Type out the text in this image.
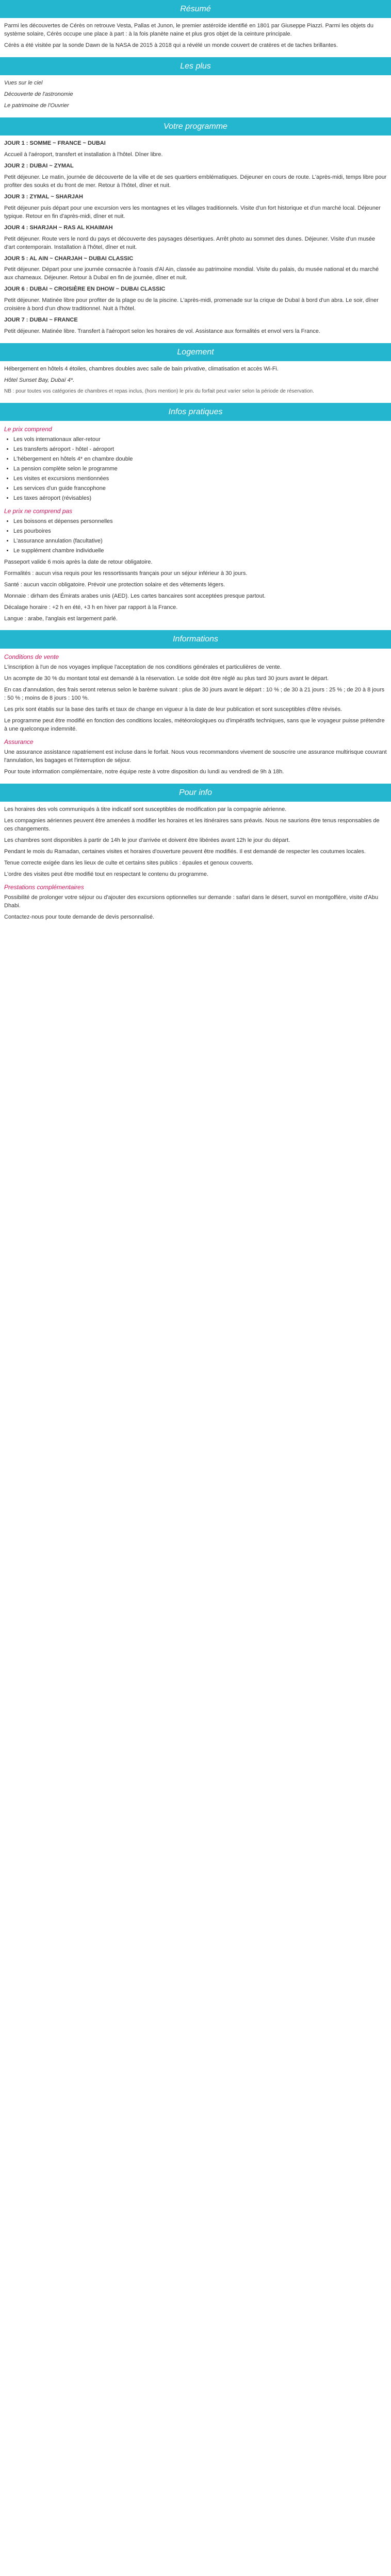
Résumé
Parmi les découvertes de Cérès on retrouve Vesta, Pallas et Junon, le premier astéroïde identifié en 1801 par Giuseppe Piazzi. Parmi les objets du système solaire, Cérès occupe une place à part : à la fois planète naine et plus gros objet de la ceinture principale.
Cérès a été visitée par la sonde Dawn de la NASA de 2015 à 2018 qui a révélé un monde couvert de cratères et de taches brillantes.
Les plus
Vues sur le ciel
Découverte de l'astronomie
Le patrimoine de l'Ouvrier
Votre programme
JOUR 1 : SOMME ~ FRANCE ~ DUBAI
Accueil à l'aéroport, transfert et installation à l'hôtel. Dîner libre.
JOUR 2 : DUBAI ~ ZYMAL
Petit déjeuner. Le matin, journée de découverte de la ville et de ses quartiers emblématiques. Déjeuner en cours de route. L'après-midi, temps libre pour profiter des souks et du front de mer. Retour à l'hôtel, dîner et nuit.
JOUR 3 : ZYMAL ~ SHARJAH
Petit déjeuner puis départ pour une excursion vers les montagnes et les villages traditionnels. Visite d'un fort historique et d'un marché local. Déjeuner typique. Retour en fin d'après-midi, dîner et nuit.
JOUR 4 : SHARJAH ~ RAS AL KHAIMAH
Petit déjeuner. Route vers le nord du pays et découverte des paysages désertiques. Arrêt photo au sommet des dunes. Déjeuner. Visite d'un musée d'art contemporain. Installation à l'hôtel, dîner et nuit.
JOUR 5 : AL AIN ~ CHARJAH ~ DUBAI CLASSIC
Petit déjeuner. Départ pour une journée consacrée à l'oasis d'Al Ain, classée au patrimoine mondial. Visite du palais, du musée national et du marché aux chameaux. Déjeuner. Retour à Dubaï en fin de journée, dîner et nuit.
JOUR 6 : DUBAI ~ CROISIÈRE EN DHOW ~ DUBAI CLASSIC
Petit déjeuner. Matinée libre pour profiter de la plage ou de la piscine. L'après-midi, promenade sur la crique de Dubaï à bord d'un abra. Le soir, dîner croisière à bord d'un dhow traditionnel. Nuit à l'hôtel.
JOUR 7 : DUBAI ~ FRANCE
Petit déjeuner. Matinée libre. Transfert à l'aéroport selon les horaires de vol. Assistance aux formalités et envol vers la France.
Logement
Hébergement en hôtels 4 étoiles, chambres doubles avec salle de bain privative, climatisation et accès Wi-Fi.
Hôtel Sunset Bay, Dubaï 4*.
NB : pour toutes vos catégories de chambres et repas inclus, (hors mention) le prix du forfait peut varier selon la période de réservation.
Infos pratiques
Le prix comprend
• Les vols internationaux aller-retour
• Les transferts aéroport - hôtel - aéroport
• L'hébergement en hôtels 4* en chambre double
• La pension complète selon le programme
• Les visites et excursions mentionnées
• Les services d'un guide francophone
• Les taxes aéroport (révisables)
Le prix ne comprend pas
• Les boissons et dépenses personnelles
• Les pourboires
• L'assurance annulation (facultative)
• Le supplément chambre individuelle
Passeport valide 6 mois après la date de retour obligatoire.
Formalités : aucun visa requis pour les ressortissants français pour un séjour inférieur à 30 jours.
Santé : aucun vaccin obligatoire. Prévoir une protection solaire et des vêtements légers.
Monnaie : dirham des Émirats arabes unis (AED). Les cartes bancaires sont acceptées presque partout.
Décalage horaire : +2 h en été, +3 h en hiver par rapport à la France.
Langue : arabe, l'anglais est largement parlé.
Informations
Conditions de vente
L'inscription à l'un de nos voyages implique l'acceptation de nos conditions générales et particulières de vente.
Un acompte de 30 % du montant total est demandé à la réservation. Le solde doit être réglé au plus tard 30 jours avant le départ.
En cas d'annulation, des frais seront retenus selon le barème suivant : plus de 30 jours avant le départ : 10 % ; de 30 à 21 jours : 25 % ; de 20 à 8 jours : 50 % ; moins de 8 jours : 100 %.
Les prix sont établis sur la base des tarifs et taux de change en vigueur à la date de leur publication et sont susceptibles d'être révisés.
Le programme peut être modifié en fonction des conditions locales, météorologiques ou d'impératifs techniques, sans que le voyageur puisse prétendre à une quelconque indemnité.
Assurance
Une assurance assistance rapatriement est incluse dans le forfait. Nous vous recommandons vivement de souscrire une assurance multirisque couvrant l'annulation, les bagages et l'interruption de séjour.
Pour toute information complémentaire, notre équipe reste à votre disposition du lundi au vendredi de 9h à 18h.
Pour info
Les horaires des vols communiqués à titre indicatif sont susceptibles de modification par la compagnie aérienne.
Les compagnies aériennes peuvent être amenées à modifier les horaires et les itinéraires sans préavis. Nous ne saurions être tenus responsables de ces changements.
Les chambres sont disponibles à partir de 14h le jour d'arrivée et doivent être libérées avant 12h le jour du départ.
Pendant le mois du Ramadan, certaines visites et horaires d'ouverture peuvent être modifiés. Il est demandé de respecter les coutumes locales.
Tenue correcte exigée dans les lieux de culte et certains sites publics : épaules et genoux couverts.
L'ordre des visites peut être modifié tout en respectant le contenu du programme.
Prestations complémentaires
Possibilité de prolonger votre séjour ou d'ajouter des excursions optionnelles sur demande : safari dans le désert, survol en montgolfière, visite d'Abu Dhabi.
Contactez-nous pour toute demande de devis personnalisé.
